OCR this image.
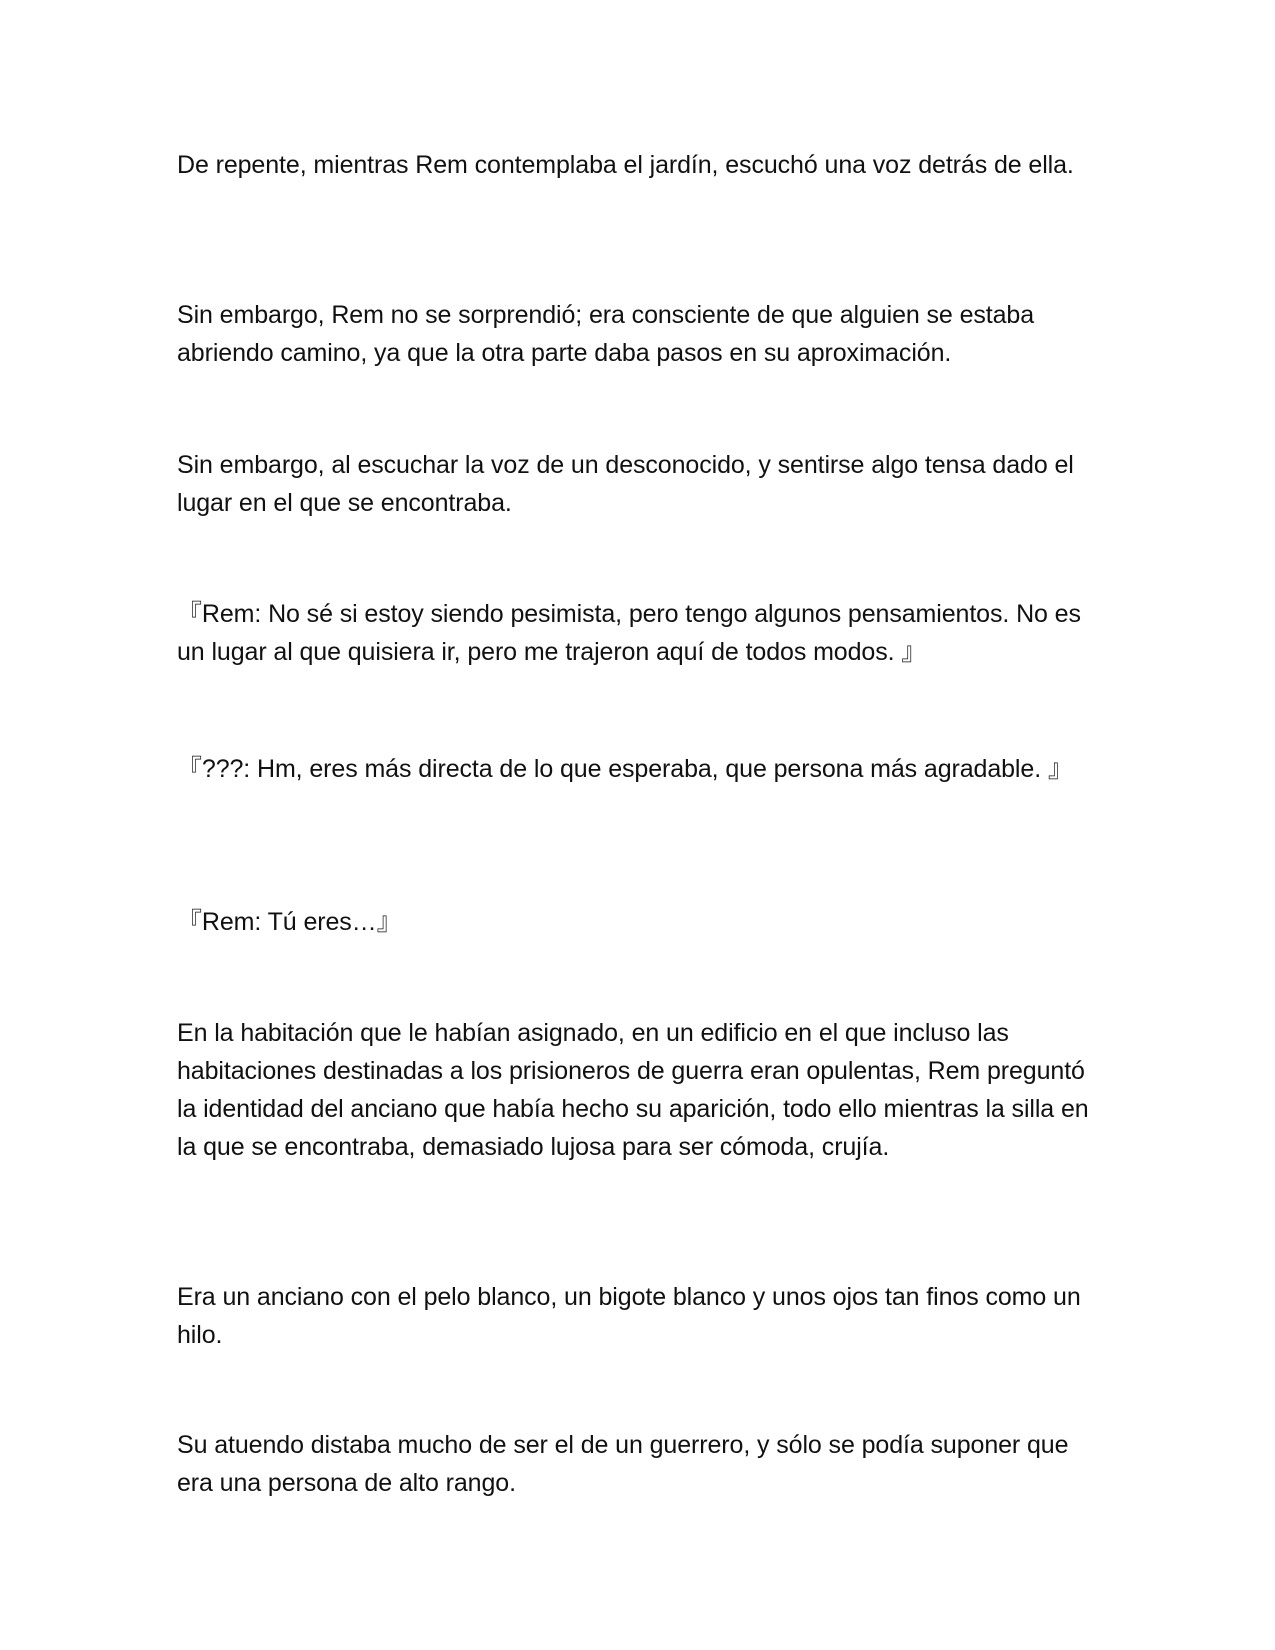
De repente, mientras Rem contemplaba el jardín, escuchó una voz detrás de ella.

Sin embargo, Rem no se sorprendió; era consciente de que alguien se estaba abriendo camino, ya que la otra parte daba pasos en su aproximación.

Sin embargo, al escuchar la voz de un desconocido, y sentirse algo tensa dado el lugar en el que se encontraba.

『Rem: No sé si estoy siendo pesimista, pero tengo algunos pensamientos. No es un lugar al que quisiera ir, pero me trajeron aquí de todos modos. 』

『???: Hm, eres más directa de lo que esperaba, que persona más agradable. 』

『Rem: Tú eres…』

En la habitación que le habían asignado, en un edificio en el que incluso las habitaciones destinadas a los prisioneros de guerra eran opulentas, Rem preguntó la identidad del anciano que había hecho su aparición, todo ello mientras la silla en la que se encontraba, demasiado lujosa para ser cómoda, crujía.

Era un anciano con el pelo blanco, un bigote blanco y unos ojos tan finos como un hilo.

Su atuendo distaba mucho de ser el de un guerrero, y sólo se podía suponer que era una persona de alto rango.
